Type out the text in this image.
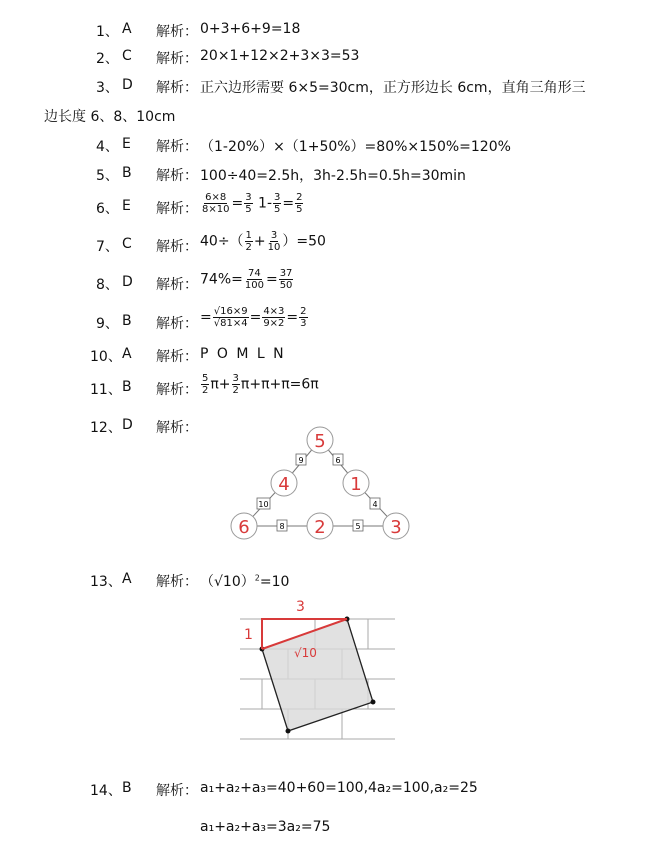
1、 A 解析： 0+3+6+9=18
2、 C 解析： 20×1+12×2+3×3=53
3、 D 解析： 正六边形需要 6×5=30cm，正方形边长 6cm，直角三角形三
边长度 6、8、10cm
4、 E 解析： （1-20%）×（1+50%）=80%×150%=120%
5、 B 解析： 100÷40=2.5h，3h-2.5h=0.5h=30min
6、 E 解析： $\frac{6\times 8}{8\times 10} = \frac{3}{5} 1- \frac{3}{5} = \frac{2}{5}$
7、 C 解析： $40\div( \frac{1}{2} + \frac{3}{10} )=50$
8、 D 解析： $74\%= \frac{74}{100} = \frac{37}{50}$
9、 B 解析： = $\frac{√16\times 9}{√81\times 4} = \frac{4\times 3}{9\times 2} = \frac{2}{3}$
10、 A 解析： P O M L N
11、 B 解析： $\frac{5}{2} \pi+ \frac{3}{2} \pi+\pi+\pi=6\pi$
12、 D 解析：
9	6
10	4
8	5
5
4	1
6	2	3
13、 A 解析： $(√10)^2=10$
3
1
√10
14、 B 解析： a₁+a₂+a₃=40+60=100,4a₂=100,a₂=25
a₁+a₂+a₃=3a₂=75
